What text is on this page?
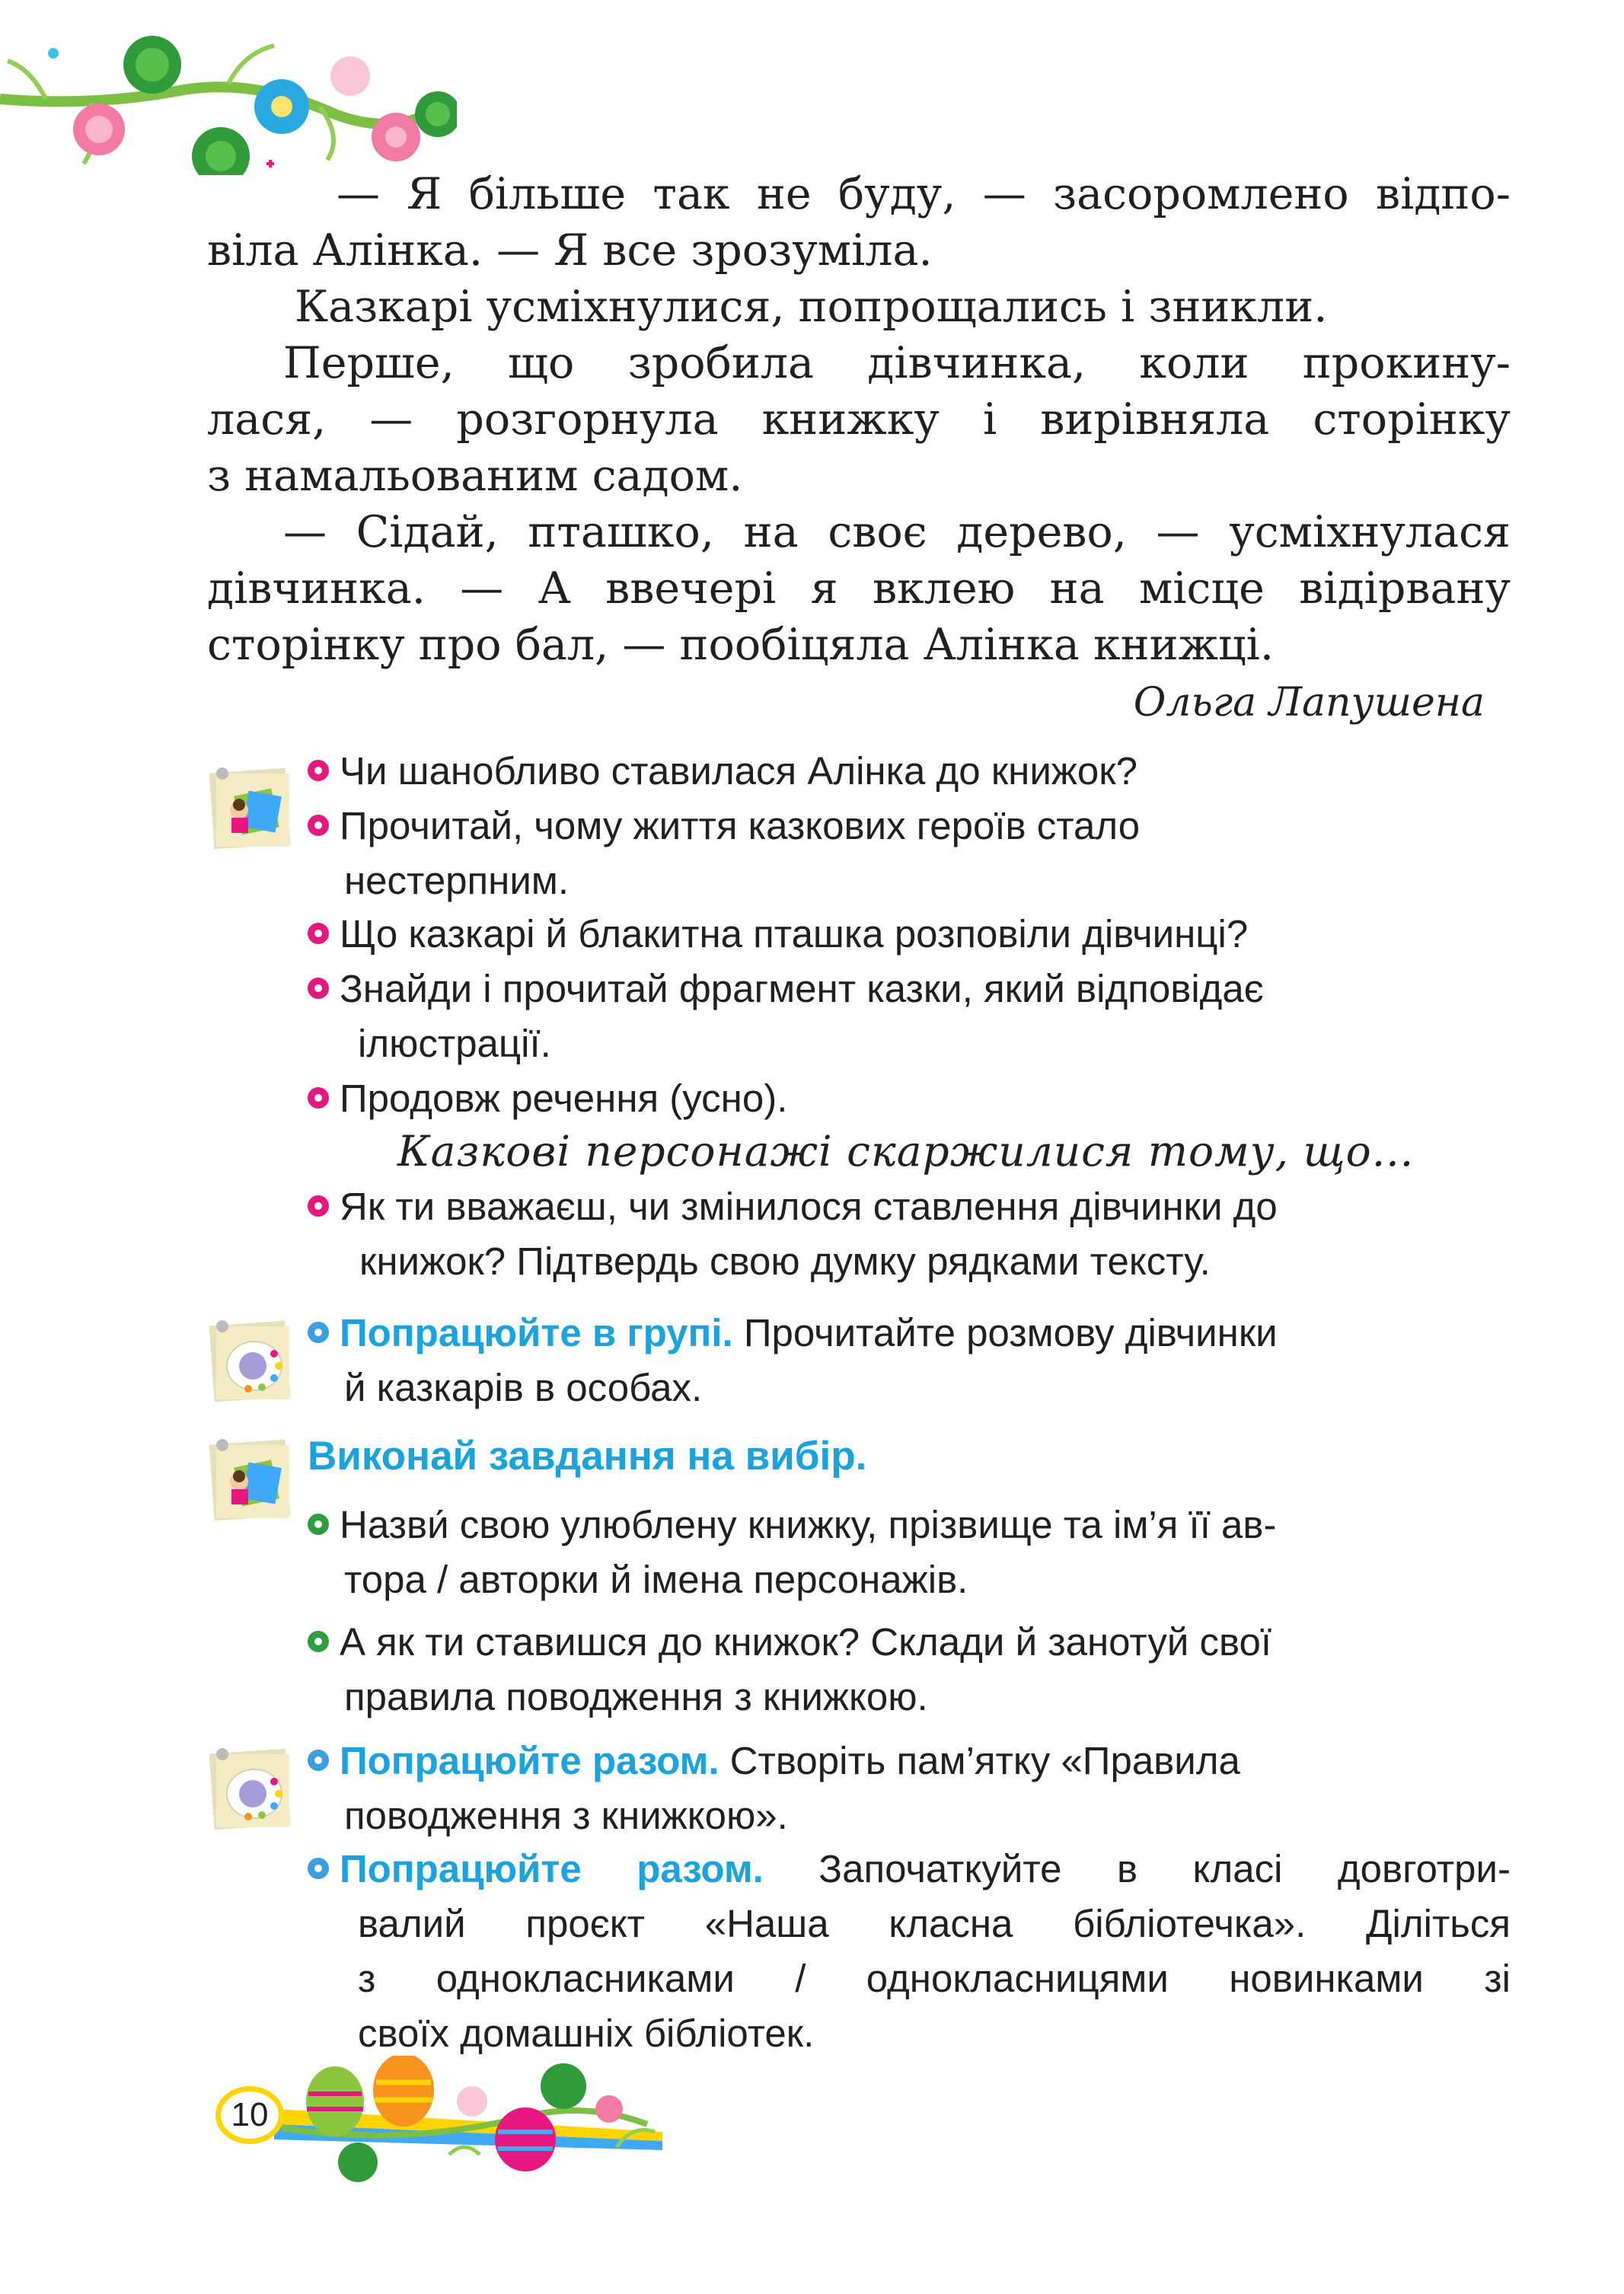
— Я більше так не буду, — засоромлено відпо-
віла Алінка. — Я все зрозуміла.
Казкарі усміхнулися, попрощались і зникли.
Перше, що зробила дівчинка, коли прокину-
лася, — розгорнула книжку і вирівняла сторінку
з намальованим садом.
— Сідай, пташко, на своє дерево, — усміхнулася
дівчинка. — А ввечері я вклею на місце відірвану
сторінку про бал, — пообіцяла Алінка книжці.
Ольга Лапушена
Чи шанобливо ставилася Алінка до книжок?
Прочитай, чому життя казкових героїв стало
нестерпним.
Що казкарі й блакитна пташка розповіли дівчинці?
Знайди і прочитай фрагмент казки, який відповідає
ілюстрації.
Продовж речення (усно).
Казкові персонажі скаржилися тому, що...
Як ти вважаєш, чи змінилося ставлення дівчинки до
книжок? Підтвердь свою думку рядками тексту.
Попрацюйте в групі. Прочитайте розмову дівчинки
й казкарів в особах.
Виконай завдання на вибір.
Назви́ свою улюблену книжку, прізвище та ім’я її ав-
тора / авторки й імена персонажів.
А як ти ставишся до книжок? Склади й занотуй свої
правила поводження з книжкою.
Попрацюйте разом. Створіть пам’ятку «Правила
поводження з книжкою».
Попрацюйте разом. Започаткуйте в класі довготри-
валий проєкт «Наша класна бібліотечка». Діліться
з однокласниками / однокласницями новинками зі
своїх домашніх бібліотек.
10
